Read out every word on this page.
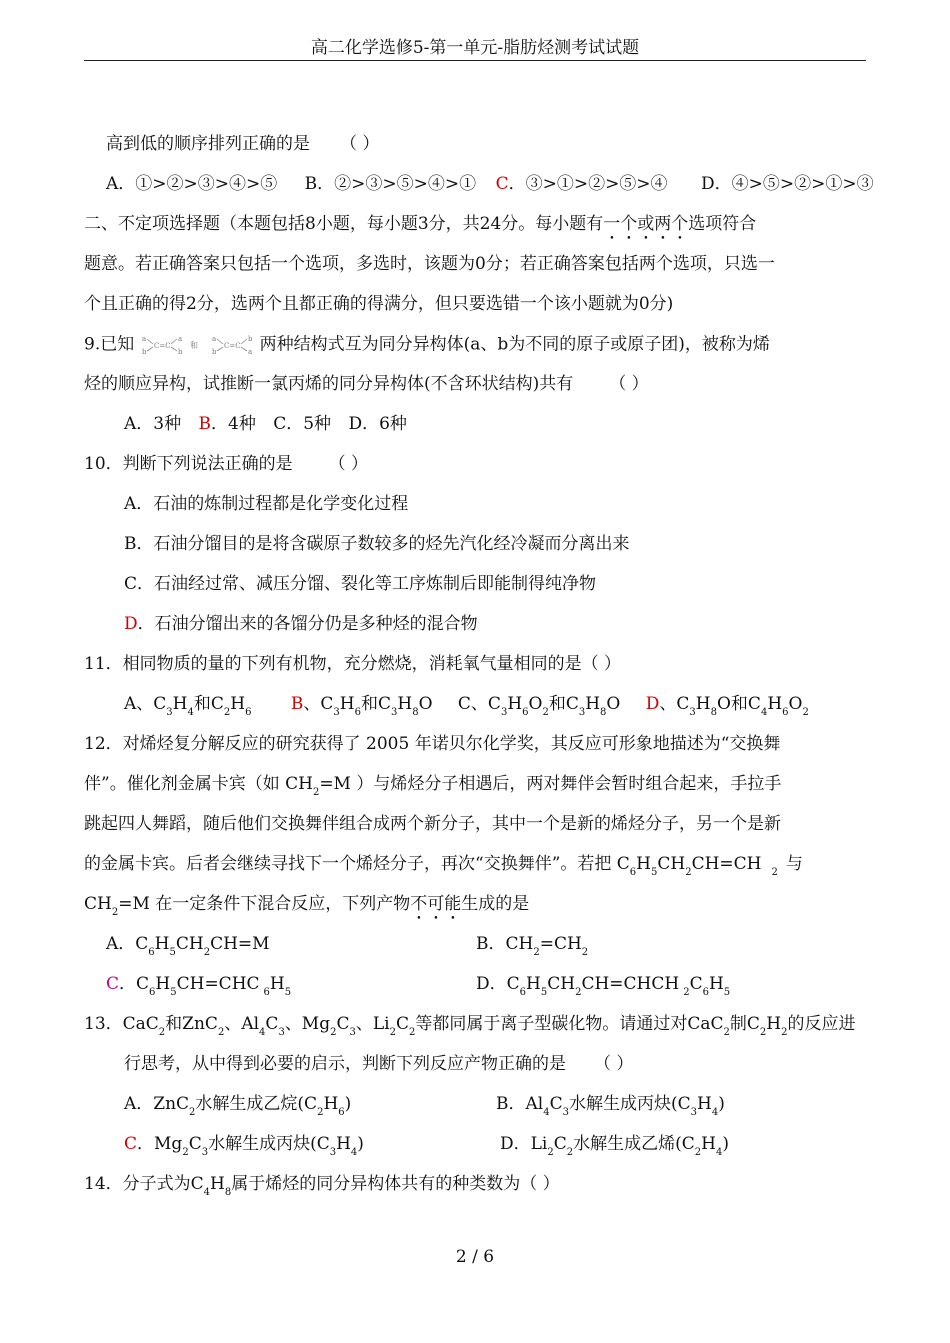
高二化学选修5-第一单元-脂肪烃测考试试题
高到低的顺序排列正确的是 （ ）
A．①>②>③>④>⑤ B．②>③>⑤>④>① C．③>①>②>⑤>④ D．④>⑤>②>①>③
二、不定项选择题（本题包括8小题，每小题3分，共24分。每小题有一个或两个选项符合
题意。若正确答案只包括一个选项，多选时，该题为0分；若正确答案包括两个选项，只选一
个且正确的得2分，选两个且都正确的得满分，但只要选错一个该小题就为0分)
9.已知 a
b
C=C
a
b
a
b
C=C
b
a
和	两种结构式互为同分异构体(a、b为不同的原子或原子团)，被称为烯
烃的顺应异构，试推断一氯丙烯的同分异构体(不含环状结构)共有 （ ）
A．3种 B．4种 C．5种 D．6种
10．判断下列说法正确的是 （ ）
A．石油的炼制过程都是化学变化过程
B．石油分馏目的是将含碳原子数较多的烃先汽化经冷凝而分离出来
C．石油经过常、减压分馏、裂化等工序炼制后即能制得纯净物
D．石油分馏出来的各馏分仍是多种烃的混合物
11．相同物质的量的下列有机物，充分燃烧，消耗氧气量相同的是（ ）
A、$C_3H_4$和$C_2H_6$ B、$C_3H_6$和$C_3H_8O$ C、$C_3H_6O_2$和$C_3H_8O$ D、$C_3H_8O$和$C_4H_6O_2$
12．对烯烃复分解反应的研究获得了 2005 年诺贝尔化学奖，其反应可形象地描述为“交换舞
伴”。催化剂金属卡宾（如 $CH_2=M$ ）与烯烃分子相遇后，两对舞伴会暂时组合起来，手拉手
跳起四人舞蹈，随后他们交换舞伴组合成两个新分子，其中一个是新的烯烃分子，另一个是新
的金属卡宾。后者会继续寻找下一个烯烃分子，再次“交换舞伴”。若把 $C_6H_5CH_2CH=CH$ $_2$ 与
$CH_2=M$ 在一定条件下混合反应，下列产物不可能生成的是
A．$C_6H_5CH_2CH=M$	B．$CH_2=CH_2$
C．$C_6H_5CH=CHC$ $_6H_5$	D．$C_6H_5CH_2CH=CHCH$ $_2C_6H_5$
13．CaC$_2$和ZnC$_2$、$Al_4C_3$、$Mg_2C_3$、$Li_2C_2$等都同属于离子型碳化物。请通过对CaC$_2$制$C_2H_2$的反应进
行思考，从中得到必要的启示，判断下列反应产物正确的是 （ ）
A．ZnC$_2$水解生成乙烷$(C_2H_6)$	B．$Al_4C_3$水解生成丙炔$(C_3H_4)$
C．$Mg_2C_3$水解生成丙炔$(C_3H_4)$	D．$Li_2C_2$水解生成乙烯$(C_2H_4)$
14．分子式为$C_4H_8$属于烯烃的同分异构体共有的种类数为（ ）
2 / 6
